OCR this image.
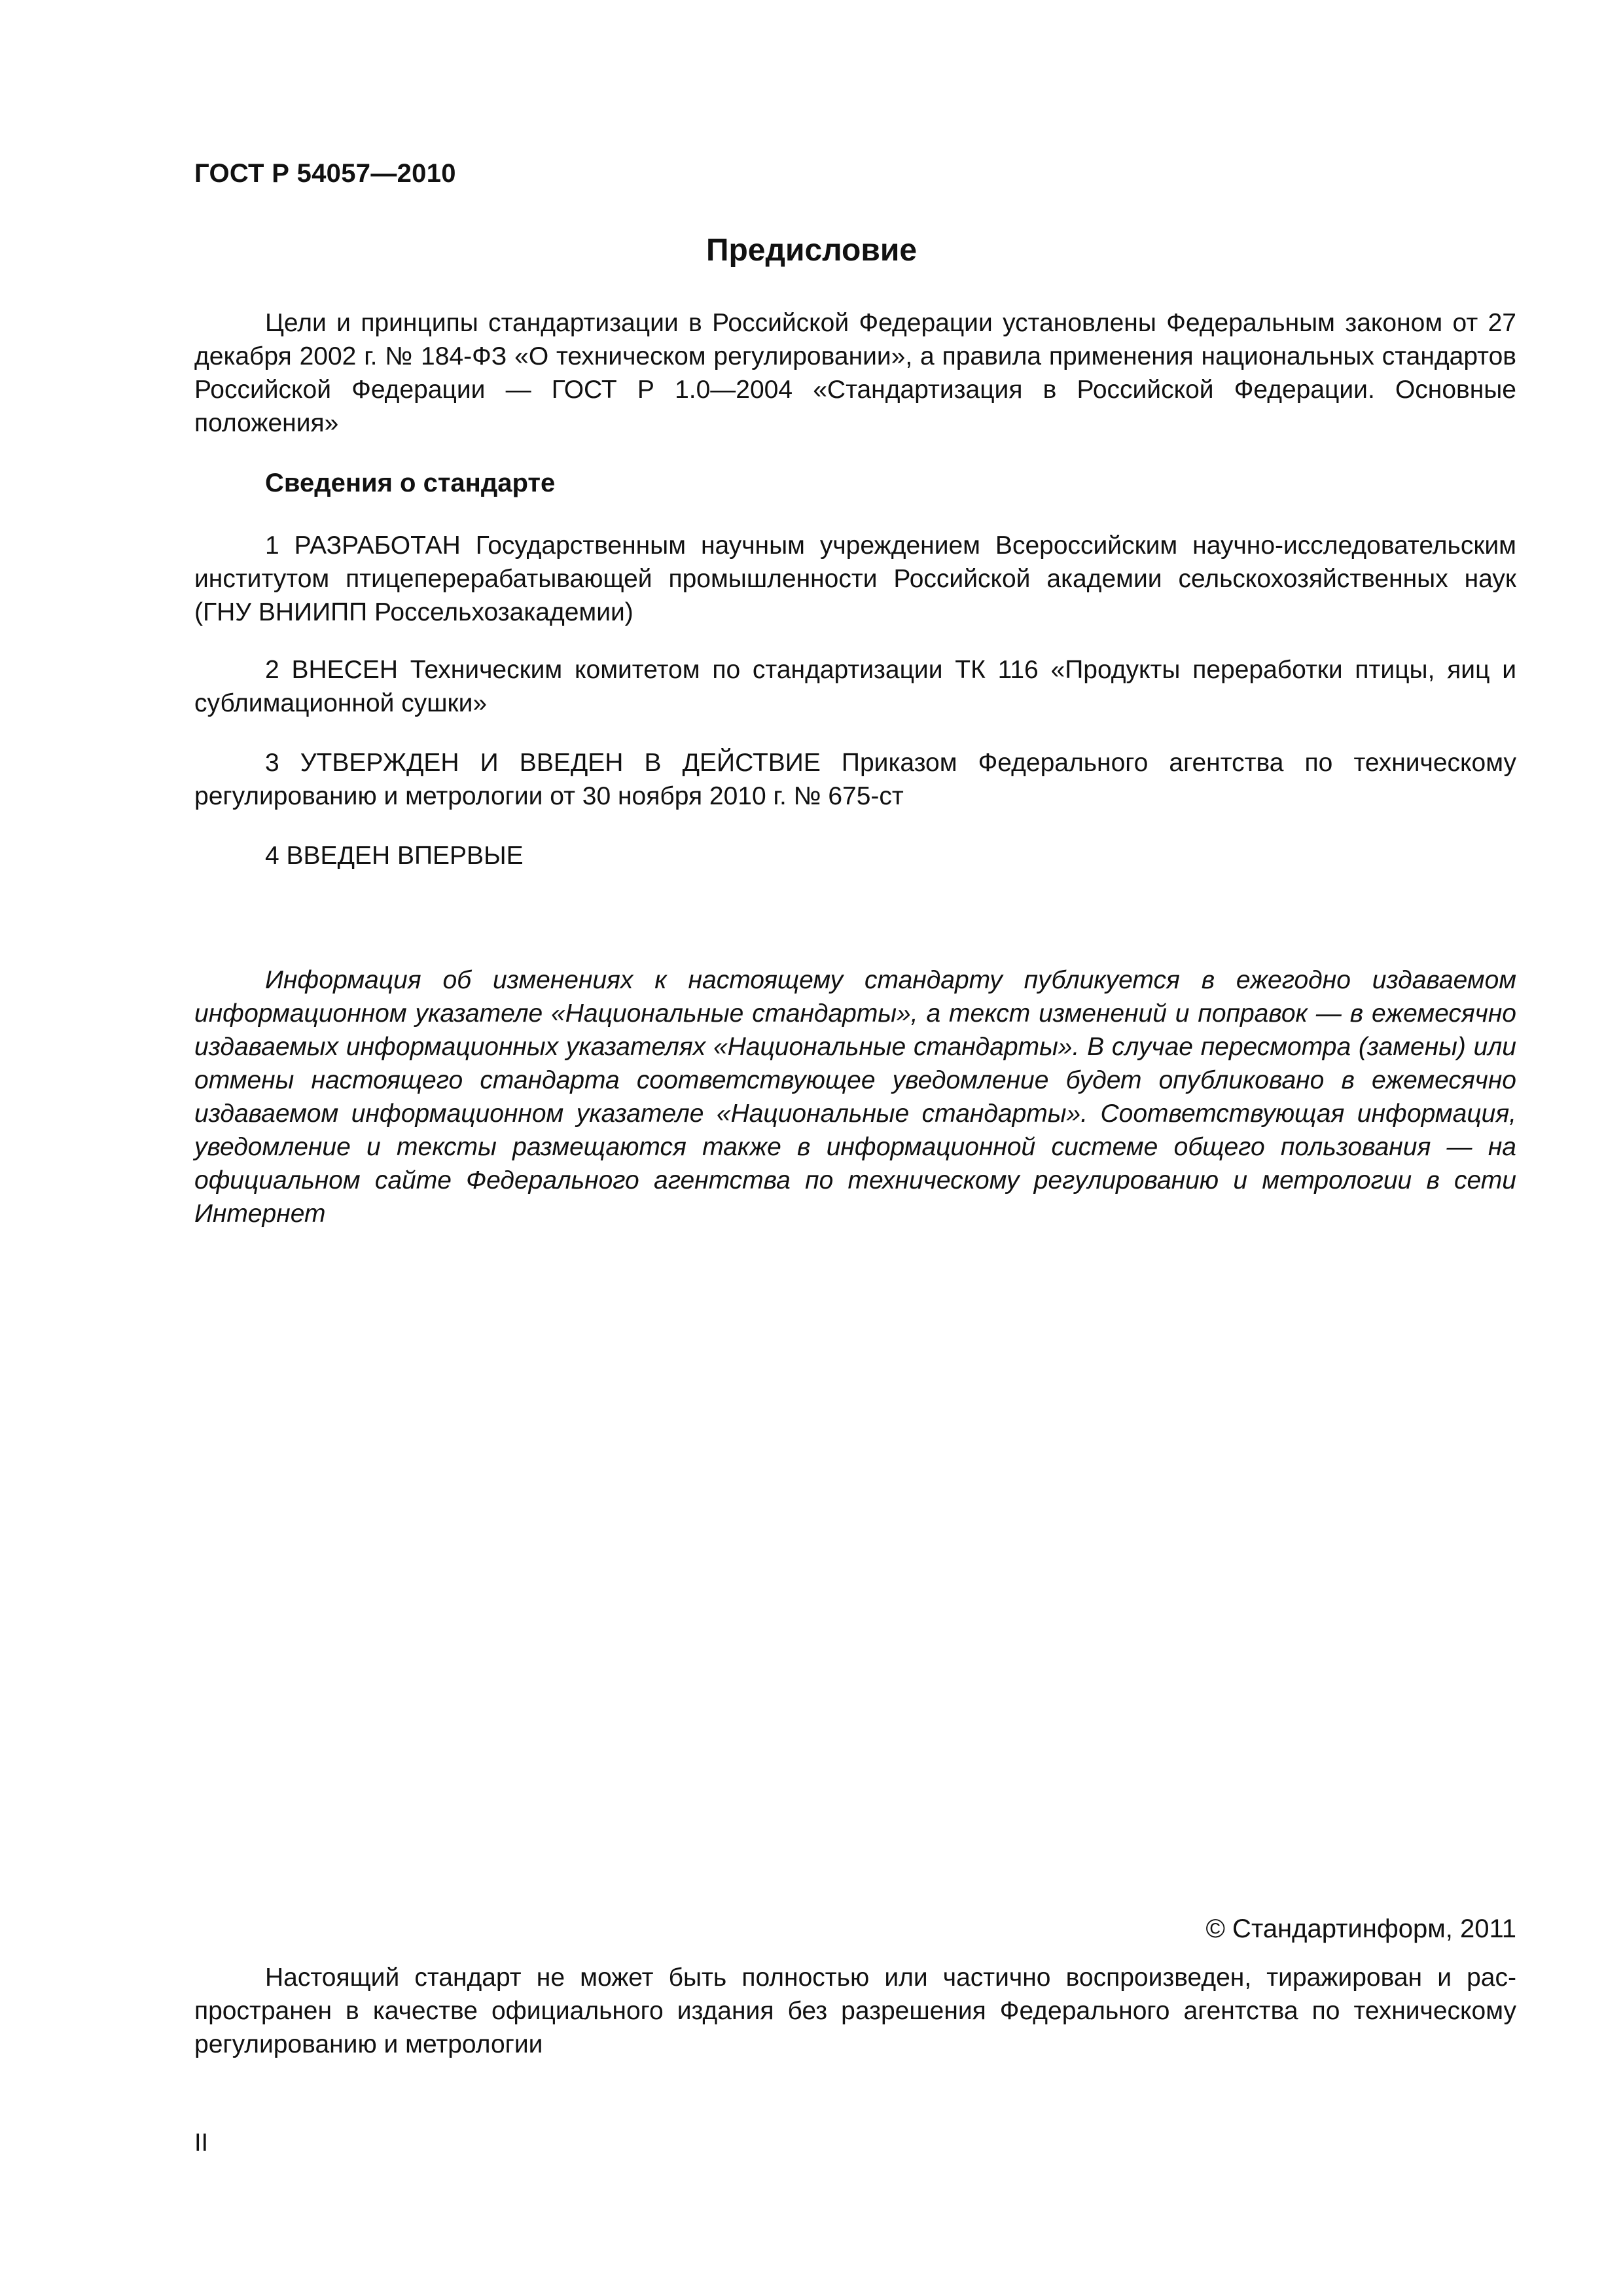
ГОСТ Р 54057—2010
Предисловие
Цели и принципы стандартизации в Российской Федерации установлены Федеральным законом от 27 декабря 2002 г. № 184-ФЗ «О техническом регулировании», а правила применения национальных стандартов Российской Федерации — ГОСТ Р 1.0—2004 «Стандартизация в Российской Федерации. Основные положения»
Сведения о стандарте
1 РАЗРАБОТАН Государственным научным учреждением Всероссийским научно-исследовательским институтом птицеперерабатывающей промышленности Российской академии сельскохозяйственных наук (ГНУ ВНИИПП Россельхозакадемии)
2 ВНЕСЕН Техническим комитетом по стандартизации ТК 116 «Продукты переработки птицы, яиц и сублимационной сушки»
3 УТВЕРЖДЕН И ВВЕДЕН В ДЕЙСТВИЕ Приказом Федерального агентства по техническому регулированию и метрологии от 30 ноября 2010 г. № 675-ст
4 ВВЕДЕН ВПЕРВЫЕ
Информация об изменениях к настоящему стандарту публикуется в ежегодно издаваемом информационном указателе «Национальные стандарты», а текст изменений и поправок — в ежемесячно издаваемых информационных указателях «Национальные стандарты». В случае пересмотра (замены) или отмены настоящего стандарта соответствующее уведомление будет опубликовано в ежемесячно издаваемом информационном указателе «Национальные стандарты». Соответствующая информация, уведомление и тексты размещаются также в информационной системе общего пользования — на официальном сайте Федерального агентства по техническому регулированию и метрологии в сети Интернет
© Стандартинформ, 2011
Настоящий стандарт не может быть полностью или частично воспроизведен, тиражирован и распространен в качестве официального издания без разрешения Федерального агентства по техническому регулированию и метрологии
II
